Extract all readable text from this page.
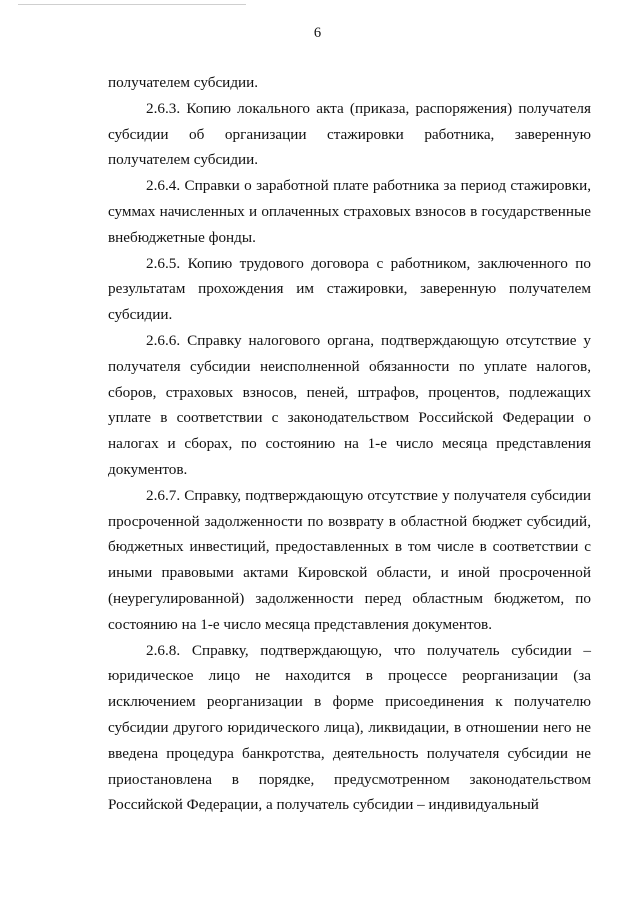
6

получателем субсидии.

2.6.3. Копию локального акта (приказа, распоряжения) получателя субсидии об организации стажировки работника, заверенную получателем субсидии.

2.6.4. Справки о заработной плате работника за период стажировки, суммах начисленных и оплаченных страховых взносов в государственные внебюджетные фонды.

2.6.5. Копию трудового договора с работником, заключенного по результатам прохождения им стажировки, заверенную получателем субсидии.

2.6.6. Справку налогового органа, подтверждающую отсутствие у получателя субсидии неисполненной обязанности по уплате налогов, сборов, страховых взносов, пеней, штрафов, процентов, подлежащих уплате в соответствии с законодательством Российской Федерации о налогах и сборах, по состоянию на 1-е число месяца представления документов.

2.6.7. Справку, подтверждающую отсутствие у получателя субсидии просроченной задолженности по возврату в областной бюджет субсидий, бюджетных инвестиций, предоставленных в том числе в соответствии с иными правовыми актами Кировской области, и иной просроченной (неурегулированной) задолженности перед областным бюджетом, по состоянию на 1-е число месяца представления документов.

2.6.8. Справку, подтверждающую, что получатель субсидии – юридическое лицо не находится в процессе реорганизации (за исключением реорганизации в форме присоединения к получателю субсидии другого юридического лица), ликвидации, в отношении него не введена процедура банкротства, деятельность получателя субсидии не приостановлена в порядке, предусмотренном законодательством Российской Федерации, а получатель субсидии – индивидуальный
